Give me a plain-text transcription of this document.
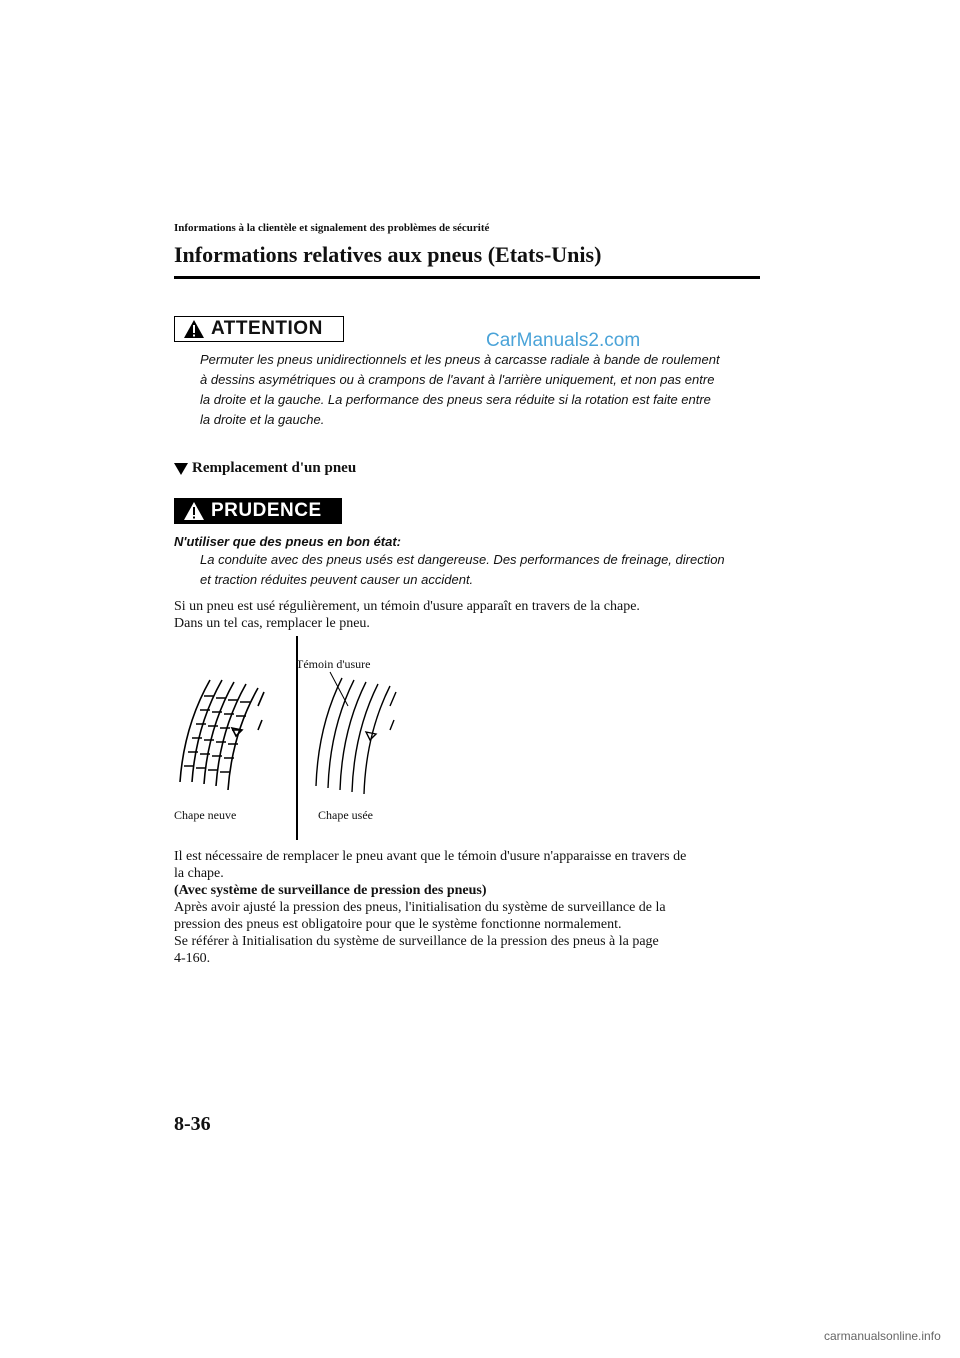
Informations à la clientèle et signalement des problèmes de sécurité
Informations relatives aux pneus (Etats-Unis)
ATTENTION
CarManuals2.com
Permuter les pneus unidirectionnels et les pneus à carcasse radiale à bande de roulement
à dessins asymétriques ou à crampons de l'avant à l'arrière uniquement, et non pas entre
la droite et la gauche. La performance des pneus sera réduite si la rotation est faite entre
la droite et la gauche.
Remplacement d'un pneu
PRUDENCE
N'utiliser que des pneus en bon état:
La conduite avec des pneus usés est dangereuse. Des performances de freinage, direction
et traction réduites peuvent causer un accident.
Si un pneu est usé régulièrement, un témoin d'usure apparaît en travers de la chape.
Dans un tel cas, remplacer le pneu.
Témoin d'usure
Chape neuve	Chape usée
Il est nécessaire de remplacer le pneu avant que le témoin d'usure n'apparaisse en travers de
la chape.
(Avec système de surveillance de pression des pneus)
Après avoir ajusté la pression des pneus, l'initialisation du système de surveillance de la
pression des pneus est obligatoire pour que le système fonctionne normalement.
Se référer à Initialisation du système de surveillance de la pression des pneus à la page
4-160.
8-36
carmanualsonline.info
